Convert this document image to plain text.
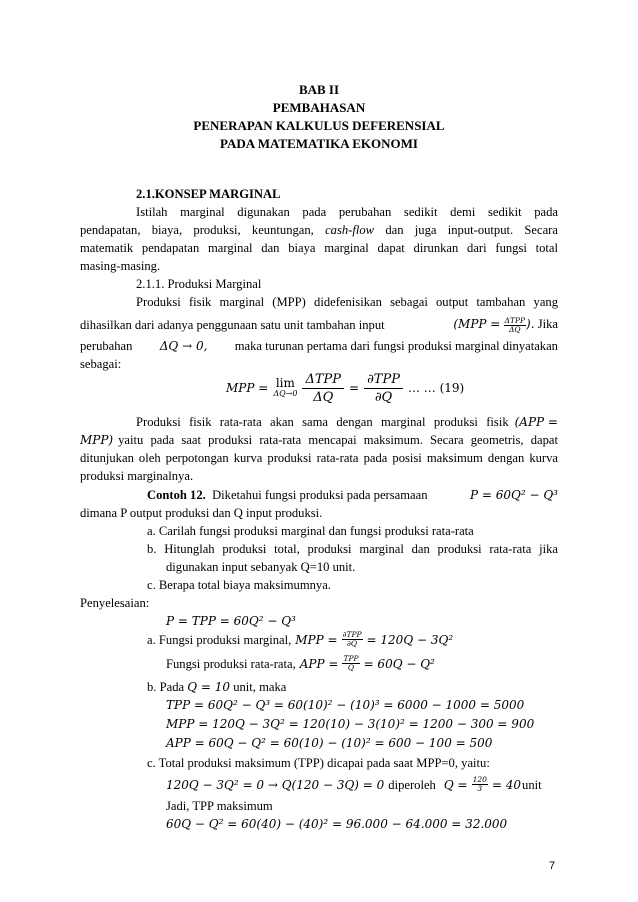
BAB II
PEMBAHASAN
PENERAPAN KALKULUS DEFERENSIAL
PADA MATEMATIKA EKONOMI
2.1.KONSEP MARGINAL
Istilah marginal digunakan pada perubahan sedikit demi sedikit pada
pendapatan, biaya, produksi, keuntungan, cash-flow dan juga input-output. Secara
matematik pendapatan marginal dan biaya marginal dapat dirunkan dari fungsi total
masing-masing.
2.1.1. Produksi Marginal
Produksi fisik marginal (MPP) didefenisikan sebagai output tambahan yang
dihasilkan dari adanya penggunaan satu unit tambahan input	($MPP = \frac{\text{ΔTPP}}{\Delta Q}$ ). Jika
perubahan ΔQ → 0, maka turunan pertama dari fungsi produksi marginal dinyatakan
sebagai:
MPP = lim
ΔQ→0
ΔTPP
ΔQ
=
∂TPP
∂Q
… … (19)
Produksi fisik rata-rata akan sama dengan marginal produksi fisik (APP =
MPP) yaitu pada saat produksi rata-rata mencapai maksimum. Secara geometris, dapat
ditunjukan oleh perpotongan kurva produksi rata-rata pada posisi maksimum dengan kurva
produksi marginalnya.
Contoh 12. Diketahui fungsi produksi pada persamaan	P = 60Q² − Q³
dimana P output produksi dan Q input produksi.
a. Carilah fungsi produksi marginal dan fungsi produksi rata-rata
b. Hitunglah produksi total, produksi marginal dan produksi rata-rata jika
digunakan input sebanyak Q=10 unit.
c. Berapa total biaya maksimumnya.
Penyelesaian:
P = TPP = 60Q² − Q³
a. Fungsi produksi marginal, MPP = $\frac{\text{∂TPP}}{\partial Q} = 120Q - 3Q^2$
Fungsi produksi rata-rata, APP = $\frac{\text{TPP}}{Q} = 60Q - Q^2$
b. Pada Q = 10 unit, maka
TPP = 60Q² − Q³ = 60(10)² − (10)³ = 6000 − 1000 = 5000
MPP = 120Q − 3Q² = 120(10) − 3(10)² = 1200 − 300 = 900
APP = 60Q − Q² = 60(10) − (10)² = 600 − 100 = 500
c. Total produksi maksimum (TPP) dicapai pada saat MPP=0, yaitu:
120Q − 3Q² = 0 → Q(120 − 3Q) = 0 diperoleh $Q = \frac{120}{3} = 40$ unit
Jadi, TPP maksimum
60Q − Q² = 60(40) − (40)² = 96.000 − 64.000 = 32.000
7
